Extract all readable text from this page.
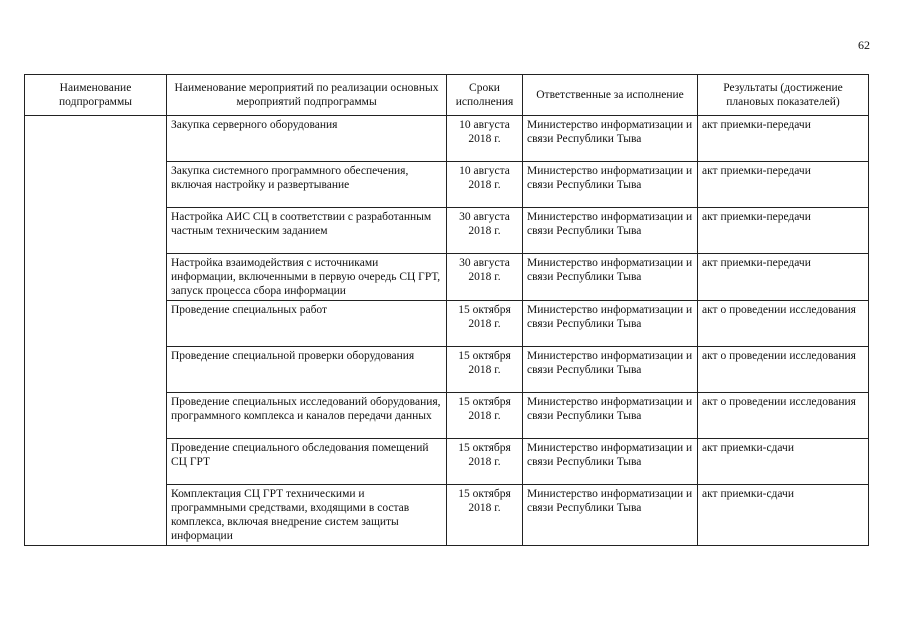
62
Наименование подпрограммы	Наименование мероприятий по реализации основных мероприятий подпрограммы	Сроки исполнения	Ответственные за исполнение	Результаты (достижение плановых показателей)
	Закупка серверного оборудования	10 августа 2018 г.	Министерство информатизации и связи Республики Тыва	акт приемки-передачи
	Закупка системного программного обеспечения, включая настройку и развертывание	10 августа 2018 г.	Министерство информатизации и связи Республики Тыва	акт приемки-передачи
	Настройка АИС СЦ в соответствии с разработанным частным техническим заданием	30 августа 2018 г.	Министерство информатизации и связи Республики Тыва	акт приемки-передачи
	Настройка взаимодействия с источниками информации, включенными в первую очередь СЦ ГРТ, запуск процесса сбора информации	30 августа 2018 г.	Министерство информатизации и связи Республики Тыва	акт приемки-передачи
	Проведение специальных работ	15 октября 2018 г.	Министерство информатизации и связи Республики Тыва	акт о проведении исследования
	Проведение специальной проверки оборудования	15 октября 2018 г.	Министерство информатизации и связи Республики Тыва	акт о проведении исследования
	Проведение специальных исследований оборудования, программного комплекса и каналов передачи данных	15 октября 2018 г.	Министерство информатизации и связи Республики Тыва	акт о проведении исследования
	Проведение специального обследования помещений СЦ ГРТ	15 октября 2018 г.	Министерство информатизации и связи Республики Тыва	акт приемки-сдачи
	Комплектация СЦ ГРТ техническими и программными средствами, входящими в состав комплекса, включая внедрение систем защиты информации	15 октября 2018 г.	Министерство информатизации и связи Республики Тыва	акт приемки-сдачи
